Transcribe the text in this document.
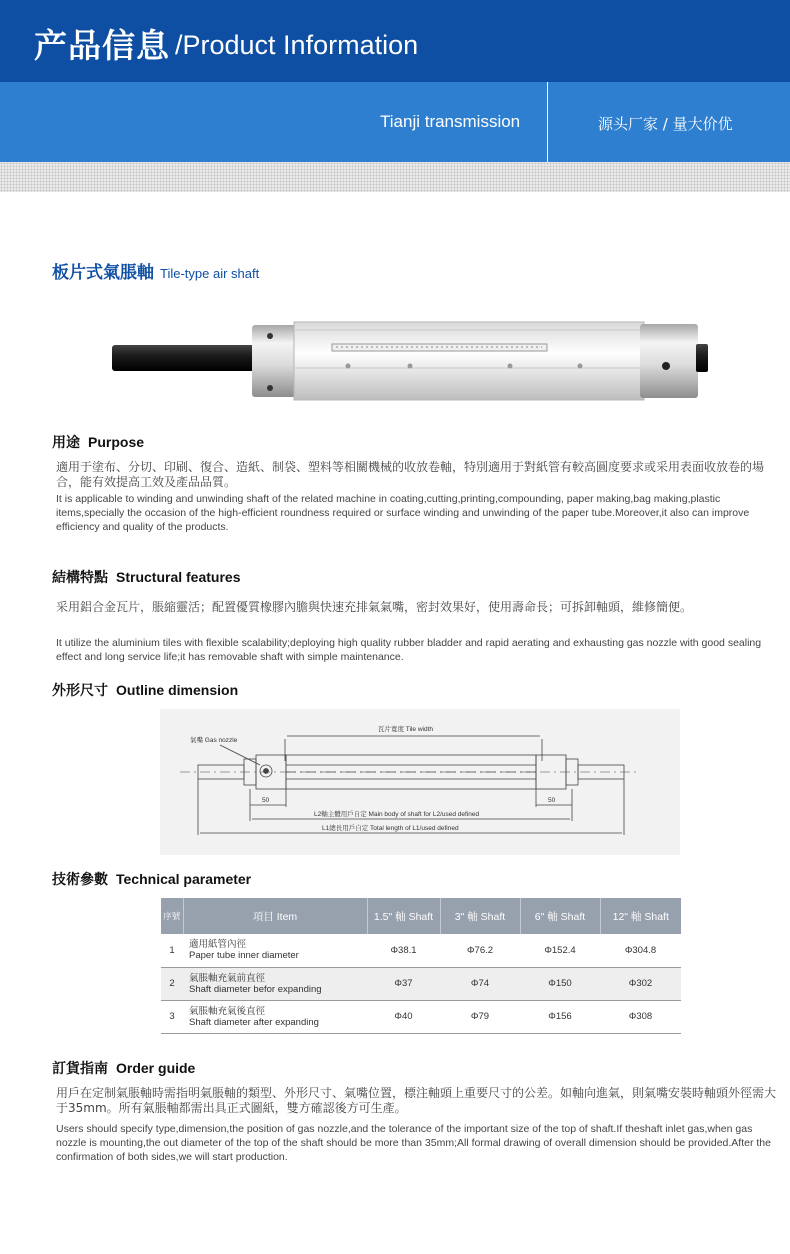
产品信息 /Product Information
Tianji transmission	源头厂家 / 量大价优
板片式氣脹軸 Tile-type air shaft
用途 Purpose
適用于塗布、分切、印刷、復合、造紙、制袋、塑料等相關機械的收放卷軸，特別適用于對紙管有較高圓度要求或采用表面收放卷的場合，能有效提高工效及產品品質。
It is applicable to winding and unwinding shaft of the related machine in coating,cutting,printing,compounding, paper making,bag making,plastic items,specially the occasion of the high-efficient roundness required or surface winding and unwinding of the paper tube.Moreover,it also can improve efficiency and quality of the products.
結構特點 Structural features
采用鋁合金瓦片，脹縮靈活；配置優質橡膠內膽與快速充排氣氣嘴，密封效果好，使用壽命長；可拆卸軸頭，維修簡便。
It utilize the aluminium tiles with flexible scalability;deploying high quality rubber bladder and rapid aerating and exhausting gas nozzle with good sealing effect and long service life;it has removable shaft with simple maintenance.
外形尺寸 Outline dimension
瓦片寬度 Tile width
氣嘴 Gas nozzle
50	50
L2軸主體用戶自定 Main body of shaft for L2/used defined
L1總長用戶自定 Total length of L1/used defined
技術參數 Technical parameter
序號	項目 Item	1.5" 軸 Shaft	3" 軸 Shaft	6" 軸 Shaft	12" 軸 Shaft
1	適用紙管內徑
Paper tube inner diameter	Φ38.1	Φ76.2	Φ152.4	Φ304.8
2	氣脹軸充氣前直徑
Shaft diameter befor expanding	Φ37	Φ74	Φ150	Φ302
3	氣脹軸充氣後直徑
Shaft diameter after expanding	Φ40	Φ79	Φ156	Φ308
訂貨指南 Order guide
用戶在定制氣脹軸時需指明氣脹軸的類型、外形尺寸、氣嘴位置，標注軸頭上重要尺寸的公差。如軸向進氣，則氣嘴安裝時軸頭外徑需大于35mm。所有氣脹軸都需出具正式圖紙，雙方確認後方可生產。
Users should specify type,dimension,the position of gas nozzle,and the tolerance of the important size of the top of shaft.If theshaft inlet gas,when gas nozzle is mounting,the out diameter of the top of the shaft should be more than 35mm;All formal drawing of overall dimension should be provided.After the confirmation of both sides,we will start production.
